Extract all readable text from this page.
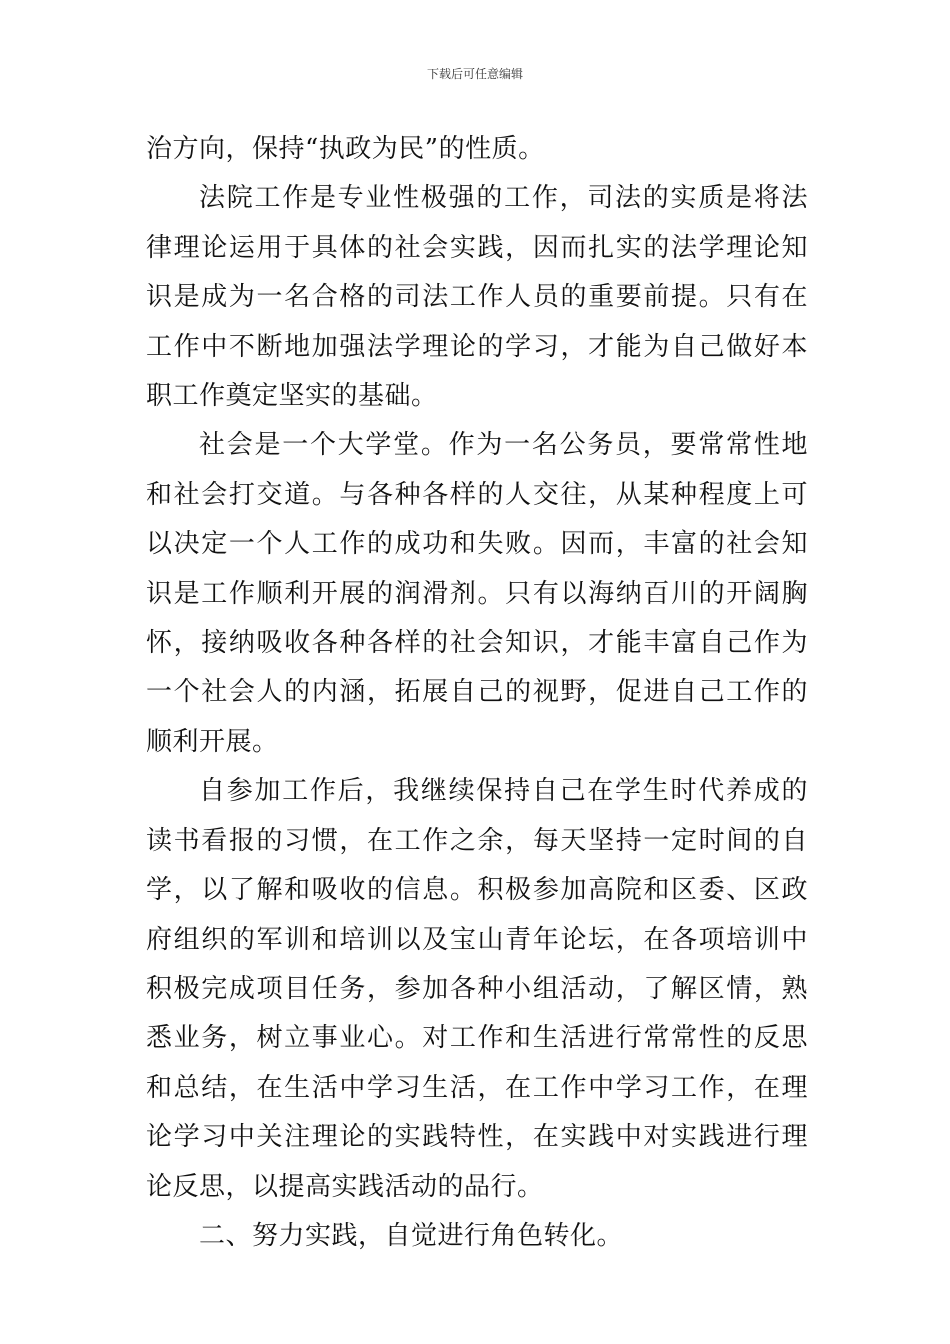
下载后可任意编辑

治方向，保持“执政为民”的性质。

法院工作是专业性极强的工作，司法的实质是将法律理论运用于具体的社会实践，因而扎实的法学理论知识是成为一名合格的司法工作人员的重要前提。只有在工作中不断地加强法学理论的学习，才能为自己做好本职工作奠定坚实的基础。

社会是一个大学堂。作为一名公务员，要常常性地和社会打交道。与各种各样的人交往，从某种程度上可以决定一个人工作的成功和失败。因而，丰富的社会知识是工作顺利开展的润滑剂。只有以海纳百川的开阔胸怀，接纳吸收各种各样的社会知识，才能丰富自己作为一个社会人的内涵，拓展自己的视野，促进自己工作的顺利开展。

自参加工作后，我继续保持自己在学生时代养成的读书看报的习惯，在工作之余，每天坚持一定时间的自学，以了解和吸收的信息。积极参加高院和区委、区政府组织的军训和培训以及宝山青年论坛，在各项培训中积极完成项目任务，参加各种小组活动，了解区情，熟悉业务，树立事业心。对工作和生活进行常常性的反思和总结，在生活中学习生活，在工作中学习工作，在理论学习中关注理论的实践特性，在实践中对实践进行理论反思，以提高实践活动的品行。

二、努力实践，自觉进行角色转化。
